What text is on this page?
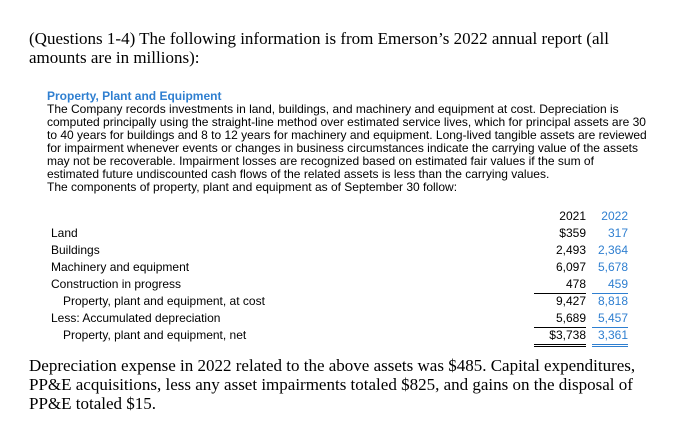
(Questions 1-4) The following information is from Emerson’s 2022 annual report (all amounts are in millions):
Property, Plant and Equipment
The Company records investments in land, buildings, and machinery and equipment at cost. Depreciation is computed principally using the straight-line method over estimated service lives, which for principal assets are 30 to 40 years for buildings and 8 to 12 years for machinery and equipment. Long-lived tangible assets are reviewed for impairment whenever events or changes in business circumstances indicate the carrying value of the assets may not be recoverable. Impairment losses are recognized based on estimated fair values if the sum of estimated future undiscounted cash flows of the related assets is less than the carrying values.
The components of property, plant and equipment as of September 30 follow:
2021	2022
Land	$359	317
Buildings	2,493 2,364
Machinery and equipment	6,097 5,678
Construction in progress	478	459
Property, plant and equipment, at cost	9,427 8,818
Less: Accumulated depreciation	5,689 5,457
Property, plant and equipment, net	$3,738 3,361
Depreciation expense in 2022 related to the above assets was $485. Capital expenditures, PP&E acquisitions, less any asset impairments totaled $825, and gains on the disposal of PP&E totaled $15.
